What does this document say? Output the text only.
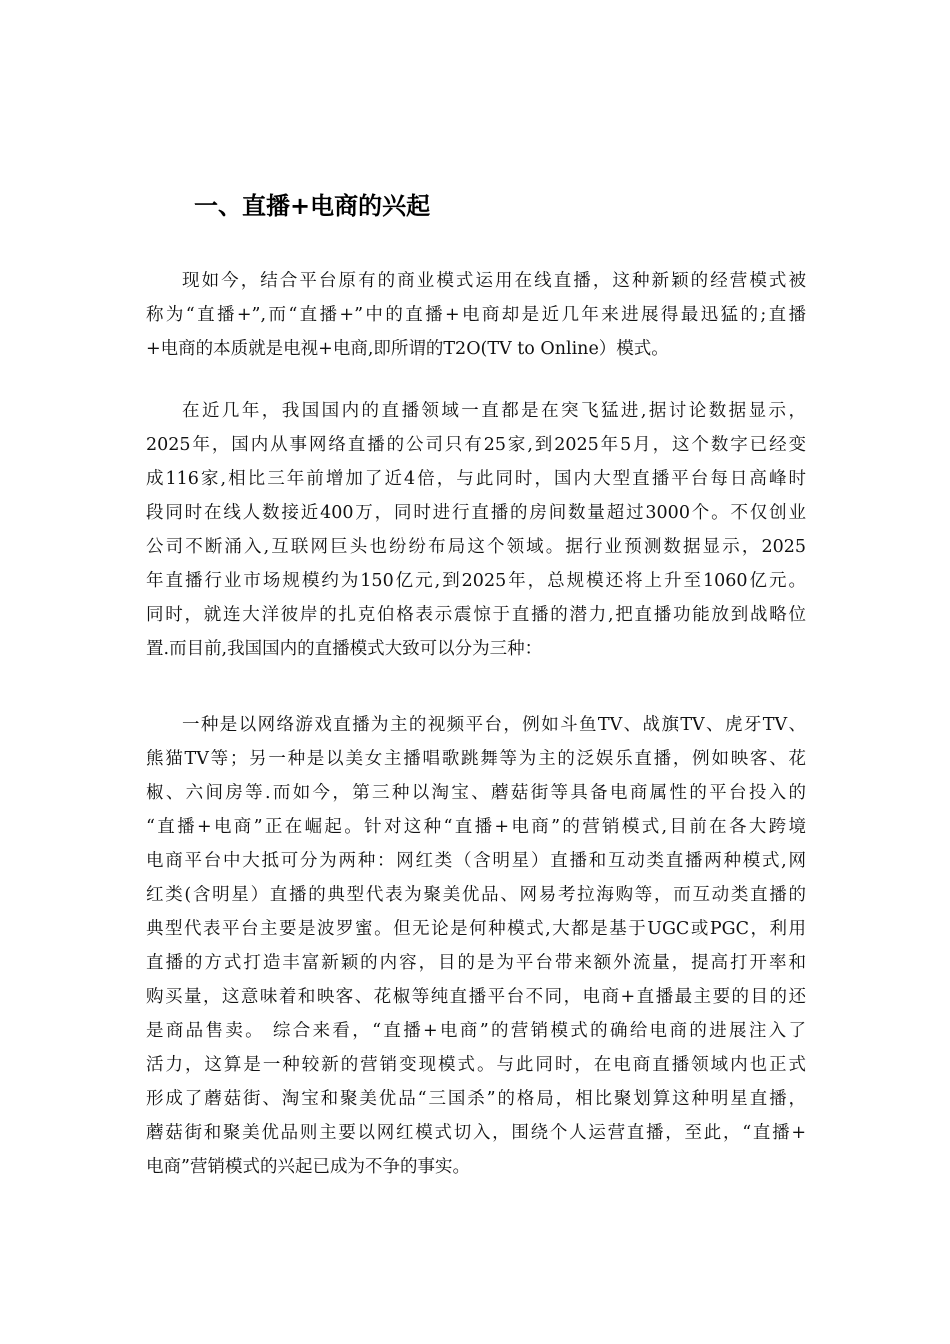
一、直播+电商的兴起
现如今，结合平台原有的商业模式运用在线直播，这种新颖的经营模式被
称为“直播+”,而“直播+”中的直播+电商却是近几年来进展得最迅猛的;直播
+电商的本质就是电视+电商,即所谓的T2O(TV to Online）模式。
在近几年，我国国内的直播领域一直都是在突飞猛进,据讨论数据显示，
2025年，国内从事网络直播的公司只有25家,到2025年5月，这个数字已经变
成116家,相比三年前增加了近4倍，与此同时，国内大型直播平台每日高峰时
段同时在线人数接近400万，同时进行直播的房间数量超过3000个。不仅创业
公司不断涌入,互联网巨头也纷纷布局这个领域。据行业预测数据显示，2025
年直播行业市场规模约为150亿元,到2025年，总规模还将上升至1060亿元。
同时，就连大洋彼岸的扎克伯格表示震惊于直播的潜力,把直播功能放到战略位
置.而目前,我国国内的直播模式大致可以分为三种：
一种是以网络游戏直播为主的视频平台，例如斗鱼TV、战旗TV、虎牙TV、
熊猫TV等；另一种是以美女主播唱歌跳舞等为主的泛娱乐直播，例如映客、花
椒、六间房等.而如今，第三种以淘宝、蘑菇街等具备电商属性的平台投入的
“直播+电商”正在崛起。针对这种“直播+电商”的营销模式,目前在各大跨境
电商平台中大抵可分为两种：网红类（含明星）直播和互动类直播两种模式,网
红类(含明星）直播的典型代表为聚美优品、网易考拉海购等，而互动类直播的
典型代表平台主要是波罗蜜。但无论是何种模式,大都是基于UGC或PGC，利用
直播的方式打造丰富新颖的内容，目的是为平台带来额外流量，提高打开率和
购买量，这意味着和映客、花椒等纯直播平台不同，电商+直播最主要的目的还
是商品售卖。 综合来看，“直播+电商”的营销模式的确给电商的进展注入了
活力，这算是一种较新的营销变现模式。与此同时，在电商直播领域内也正式
形成了蘑菇街、淘宝和聚美优品“三国杀”的格局，相比聚划算这种明星直播，
蘑菇街和聚美优品则主要以网红模式切入，围绕个人运营直播，至此，“直播+
电商”营销模式的兴起已成为不争的事实。
